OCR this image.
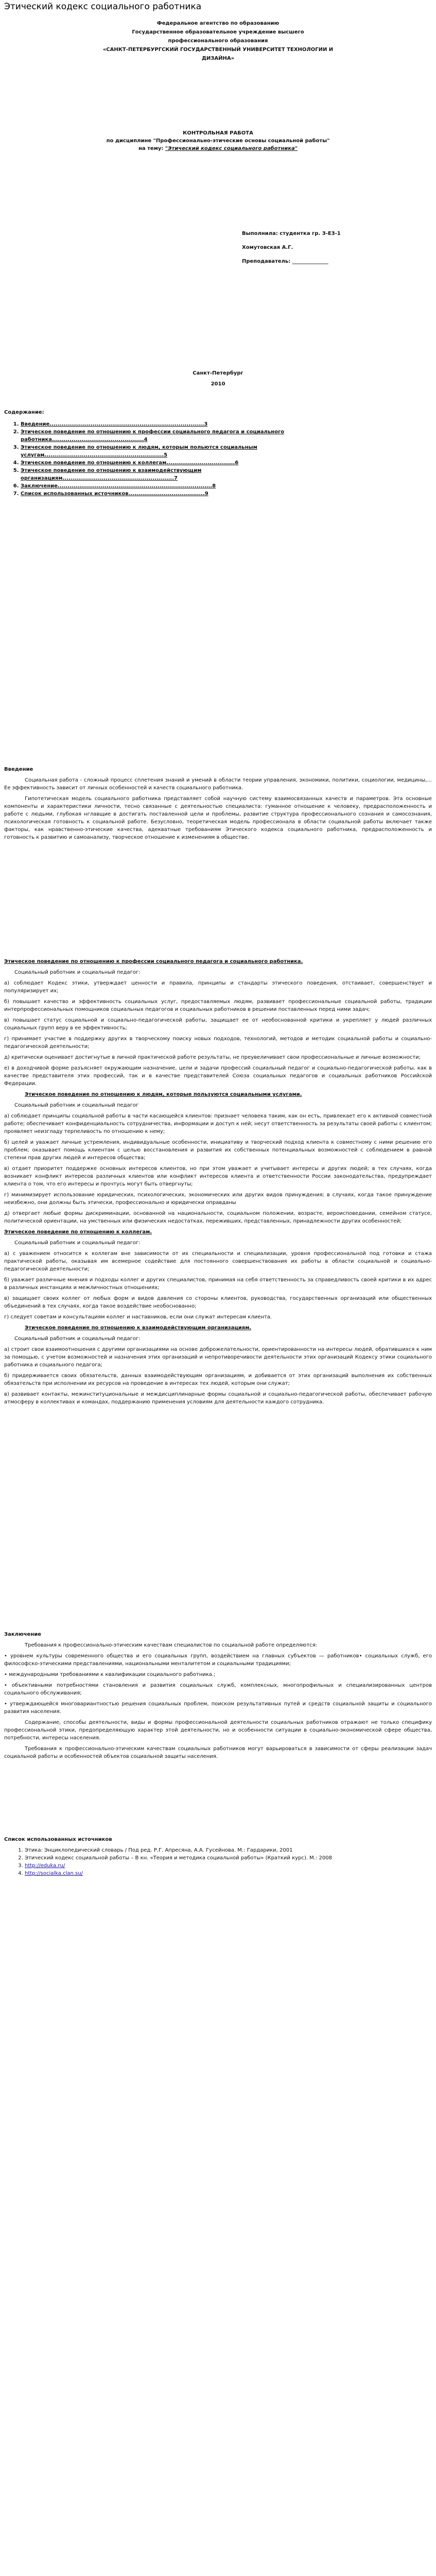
Этический кодекс социального работника

Федеральное агентство по образованию

Государственное образовательное учреждение высшего

профессионального образования

«САНКТ-ПЕТЕРБУРГСКИЙ ГОСУДАРСТВЕННЫЙ УНИВЕРСИТЕТ ТЕХНОЛОГИИ И

ДИЗАЙНА»

КОНТРОЛЬНАЯ РАБОТА

по дисциплине "Профессионально-этические основы социальной работы"

на тему: "Этический кодекс социального работника"

Выполнила: студентка гр. 3-Е3-1

Хомутовская А.Г.

Преподаватель: ______________

Санкт-Петербург

2010

Содержание:

1. Введение...............................................................................3
2. Этическое поведение по отношению к профессии социального педагога и социального работника...............................................4
3. Этическое поведение по отношению к людям, которым польются социальным услугам.............................................................5
4. Этическое поведение по отношению к коллегам...................................6
5. Этическое поведение по отношению к взаимодействующим организациям.........................................................7
6. Заключение...............................................................................8
7. Список использованных источников.......................................9
Введение

Социальная работа - сложный процесс сплетения знаний и умений в области теории управления, экономики, политики, социологии, медицины,... Ее эффективность зависит от личных особенностей и качеств социального работника.

Гипотетическая модель социального работника представляет собой научную систему взаимосвязанных качеств и параметров. Эта основные компоненты и характеристики личности, тесно связанные с деятельностью специалиста: гуманное отношение к человеку, предрасположенность и работе с людьми, глубокая нглавщие в достигать поставленной цели и проблемы, развитие структура профессионального сознания и самосознания, психологическая готовность к социальной работе. Безусловно, теоретическая модель профессионала в области социальной работы включает также факторы, как нравственно-этические качества, адекватные требованиям Этического кодекса социального работника, предрасположенность и готовность к развитию и самоанализу, творческое отношение к изменениям в обществе.

Этическое поведение по отношению к профессии социального педагога и социального работника.

Социальный работник и социальный педагог:

а) соблюдает Кодекс этики, утверждает ценности и правила, принципы и стандарты этического поведения, отстаивает, совершенствует и популяризирует их;

б) повышает качество и эффективность социальных услуг, предоставляемых людям, развивает профессиональные социальной работы, традиции интерпрофессиональных помощников социальных педагогов и социальных работников в решении поставленных перед ними задач;

в) повышает статус социальной и социально-педагогической работы, защищает ее от необоснованной критики и укрепляет у людей различных социальных групп веру в ее эффективность;

г) принимает участие в поддержку других в творческому поиску новых подходов, технологий, методов и методик социальной работы и социально-педагогической деятельности;

д) критически оценивает достигнутые в личной практической работе результаты, не преувеличивает свои профессиональные и личные возможности;

е) в доходчивой форме разъясняет окружающим назначение, цели и задачи профессий социальный педагог и социально-педагогической работы, как в качестве представителя этих профессий, так и в качестве представителей Союза социальных педагогов и социальных работников Российской Федерации.

Этическое поведение по отношению к людям, которые пользуются социальными услугами.

Социальный работник и социальный педагог

а) соблюдает принципы социальной работы в части касающейся клиентов: признает человека таким, как он есть, привлекает его к активной совместной работе; обеспечивает конфиденциальность сотрудничества, информации и доступ к ней; несут ответственность за результаты своей работы с клиентом; проявляет неизгладу терпеливость по отношению к нему;

б) целей и уважает личные устремления, индивидуальные особенности, инициативу и творческий подход клиента к совместному с ними решению его проблем; оказывает помощь клиентам с целью восстановления и развития их собственных потенциальных возможностей с соблюдением в равной степени прав других людей и интересов общества;

в) отдает приоритет поддержке основных интересов клиентов, но при этом уважает и учитывает интересы и других людей; в тех случаях, когда возникает конфликт интересов различных клиентов или конфликт интересов клиента и ответственности России законодательства, предупреждает клиента о том, что его интересы и прочтусь могут быть отвергнуты;

г) минимизирует использование юридических, психологических, экономических или других видов принуждения; в случаях, когда такое принуждение неизбежно, они должны быть этически, профессионально и юридически оправданы

д) отвергает любые формы дискриминации, основанной на национальности, социальном положении, возрасте, вероисповедании, семейном статусе, политической ориентации, на умственных или физических недостатках, переживших, представленных, принадлежности других особенностей;

Этическое поведение по отношению к коллегам.

Социальный работник и социальный педагог:

а) с уважением относится к коллегам вне зависимости от их специальности и специализации, уровня профессиональной под готовки и стажа практической работы, оказывая им всемерное содействие для постоянного совершенствования их работы в области социальной и социально-педагогической деятельности;

б) уважает различные мнения и подходы коллег и других специалистов, принимая на себя ответственность за справедливость своей критики в их адрес в различных инстанциях и межличностных отношениях;

в) защищает своих коллег от любых форм и видов давления со стороны клиентов, руководства, государственных организаций или общественных объединений в тех случаях, когда такое воздействие необоснованно;

г) следует советам и консультациям коллег и наставников, если они служат интересам клиента.

Этическое поведение по отношению к взаимодействующим организациям.

Социальный работник и социальный педагог:

а) строит свои взаимоотношения с другими организациями на основе доброжелательности, ориентированности на интересы людей, обратившихся к ним за помощью, с учетом возможностей и назначения этих организаций и непротиворечивости деятельности этих организаций Кодексу этики социального работника и социального педагога;

б) придерживается своих обязательств, данных взаимодействующим организациям, и добивается от этих организаций выполнения их собственных обязательств при исполнении их ресурсов на проведение в интересах тех людей, которым они служат;

в) развивает контакты, межинституциональные и междисциплинарные формы социальной и социально-педагогической работы, обеспечивает рабочую атмосферу в коллективах и командах, поддержанию применения условиям для деятельности каждого сотрудника.

Заключение

Требования к профессионально-этическим качествам специалистов по социальной работе определяются:

• уровнем культуры современного общества и его социальных групп, воздействием на главных субъектов — работников• социальных служб, его философско-этическими представлениями, национальными менталитетом и социальными традициями;

• международными требованиями к квалификации социального работника.;

• объективными потребностями становления и развития социальных служб, комплексных, многопрофильных и специализированных центров социального обслуживания;

• утверждающейся многовариантностью решения социальных проблем, поиском результативных путей и средств социальной защиты и социального развития населения.

Содержание, способы деятельности, виды и формы профессиональной деятельности социальных работников отражают не только специфику профессиональной этики, предопределяющую характер этой деятельности, но и особенности ситуации в социально-экономической сфере общества, потребности, интересы населения.

Требования к профессионально-этическим качествам социальных работников могут варьироваться в зависимости от сферы реализации задач социальной работы и особенностей объектов социальной защиты населения.

Список использованных источников
1. Этика: Энциклопедический словарь / Под ред. Р.Г. Апресяна, А.А. Гусейнова. М.: Гардарики, 2001
2. Этический кодекс социальной работы – В кн. «Теория и методика социальной работы» (Краткий курс). М.: 2008
3. http://eduka.ru/
4. http://socialka.clan.su/
